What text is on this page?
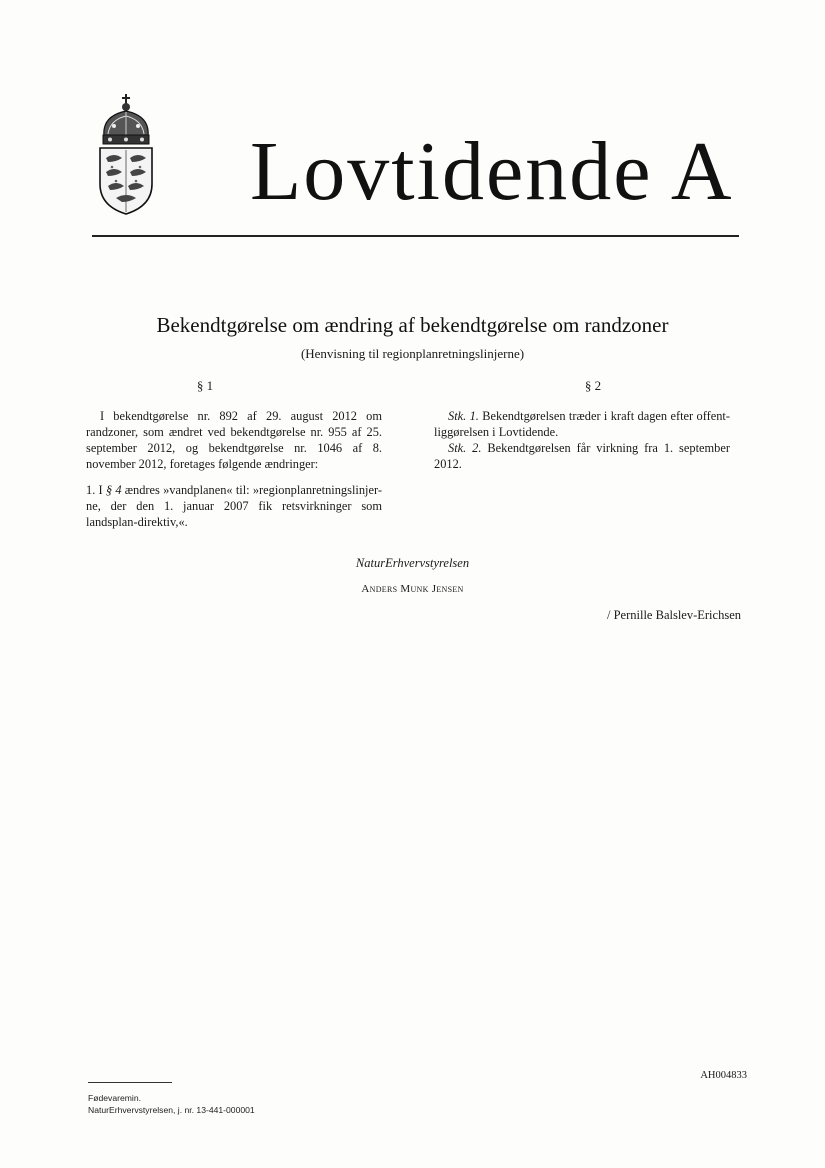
Lovtidende A
Bekendtgørelse om ændring af bekendtgørelse om randzoner
(Henvisning til regionplanretningslinjerne)
§ 1

I bekendtgørelse nr. 892 af 29. august 2012 om randzoner, som ændret ved bekendtgørelse nr. 955 af 25. september 2012, og bekendtgørelse nr. 1046 af 8. november 2012, foretages følgende ændringer:

1. I § 4 ændres »vandplanen« til: »regionplanretningslinjer-ne, der den 1. januar 2007 fik retsvirkninger som landsplan-direktiv,«.

§ 2

Stk. 1. Bekendtgørelsen træder i kraft dagen efter offent-liggørelsen i Lovtidende.

Stk. 2. Bekendtgørelsen får virkning fra 1. september 2012.

NaturErhvervstyrelsen
Anders Munk Jensen
/ Pernille Balslev-Erichsen
AH004833
Fødevaremin.
NaturErhvervstyrelsen, j. nr. 13-441-000001
